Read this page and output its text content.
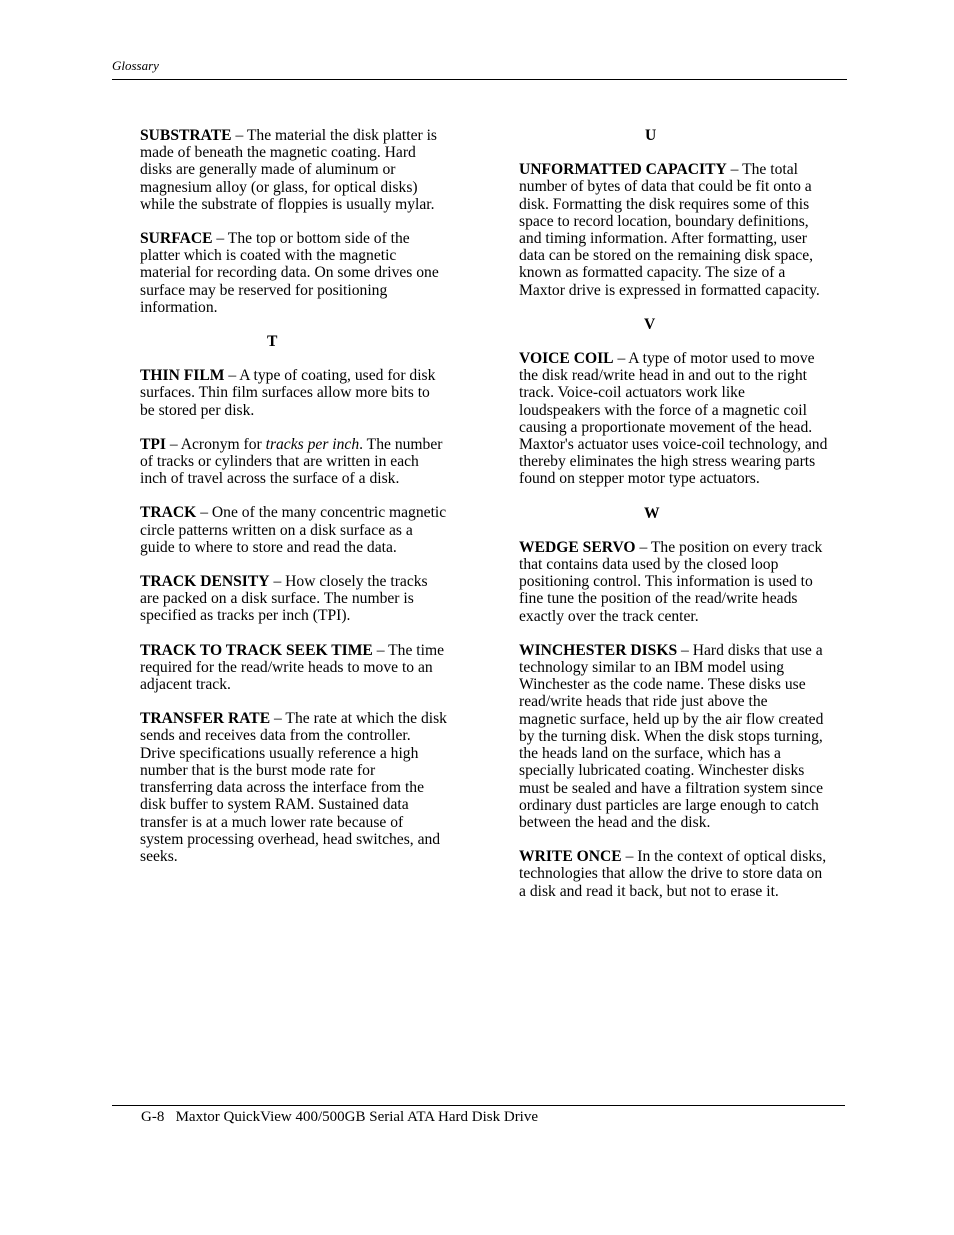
Glossary

SUBSTRATE – The material the disk platter is made of beneath the magnetic coating. Hard disks are generally made of aluminum or magnesium alloy (or glass, for optical disks) while the substrate of floppies is usually mylar.

SURFACE – The top or bottom side of the platter which is coated with the magnetic material for recording data. On some drives one surface may be reserved for positioning information.

T

THIN FILM – A type of coating, used for disk surfaces. Thin film surfaces allow more bits to be stored per disk.

TPI – Acronym for tracks per inch. The number of tracks or cylinders that are written in each inch of travel across the surface of a disk.

TRACK – One of the many concentric magnetic circle patterns written on a disk surface as a guide to where to store and read the data.

TRACK DENSITY – How closely the tracks are packed on a disk surface. The number is specified as tracks per inch (TPI).

TRACK TO TRACK SEEK TIME – The time required for the read/write heads to move to an adjacent track.

TRANSFER RATE – The rate at which the disk sends and receives data from the controller. Drive specifications usually reference a high number that is the burst mode rate for transferring data across the interface from the disk buffer to system RAM. Sustained data transfer is at a much lower rate because of system processing overhead, head switches, and seeks.

U

UNFORMATTED CAPACITY – The total number of bytes of data that could be fit onto a disk. Formatting the disk requires some of this space to record location, boundary definitions, and timing information. After formatting, user data can be stored on the remaining disk space, known as formatted capacity. The size of a Maxtor drive is expressed in formatted capacity.

V

VOICE COIL – A type of motor used to move the disk read/write head in and out to the right track. Voice-coil actuators work like loudspeakers with the force of a magnetic coil causing a proportionate movement of the head. Maxtor's actuator uses voice-coil technology, and thereby eliminates the high stress wearing parts found on stepper motor type actuators.

W

WEDGE SERVO – The position on every track that contains data used by the closed loop positioning control. This information is used to fine tune the position of the read/write heads exactly over the track center.

WINCHESTER DISKS – Hard disks that use a technology similar to an IBM model using Winchester as the code name. These disks use read/write heads that ride just above the magnetic surface, held up by the air flow created by the turning disk. When the disk stops turning, the heads land on the surface, which has a specially lubricated coating. Winchester disks must be sealed and have a filtration system since ordinary dust particles are large enough to catch between the head and the disk.

WRITE ONCE – In the context of optical disks, technologies that allow the drive to store data on a disk and read it back, but not to erase it.

G-8 Maxtor QuickView 400/500GB Serial ATA Hard Disk Drive
